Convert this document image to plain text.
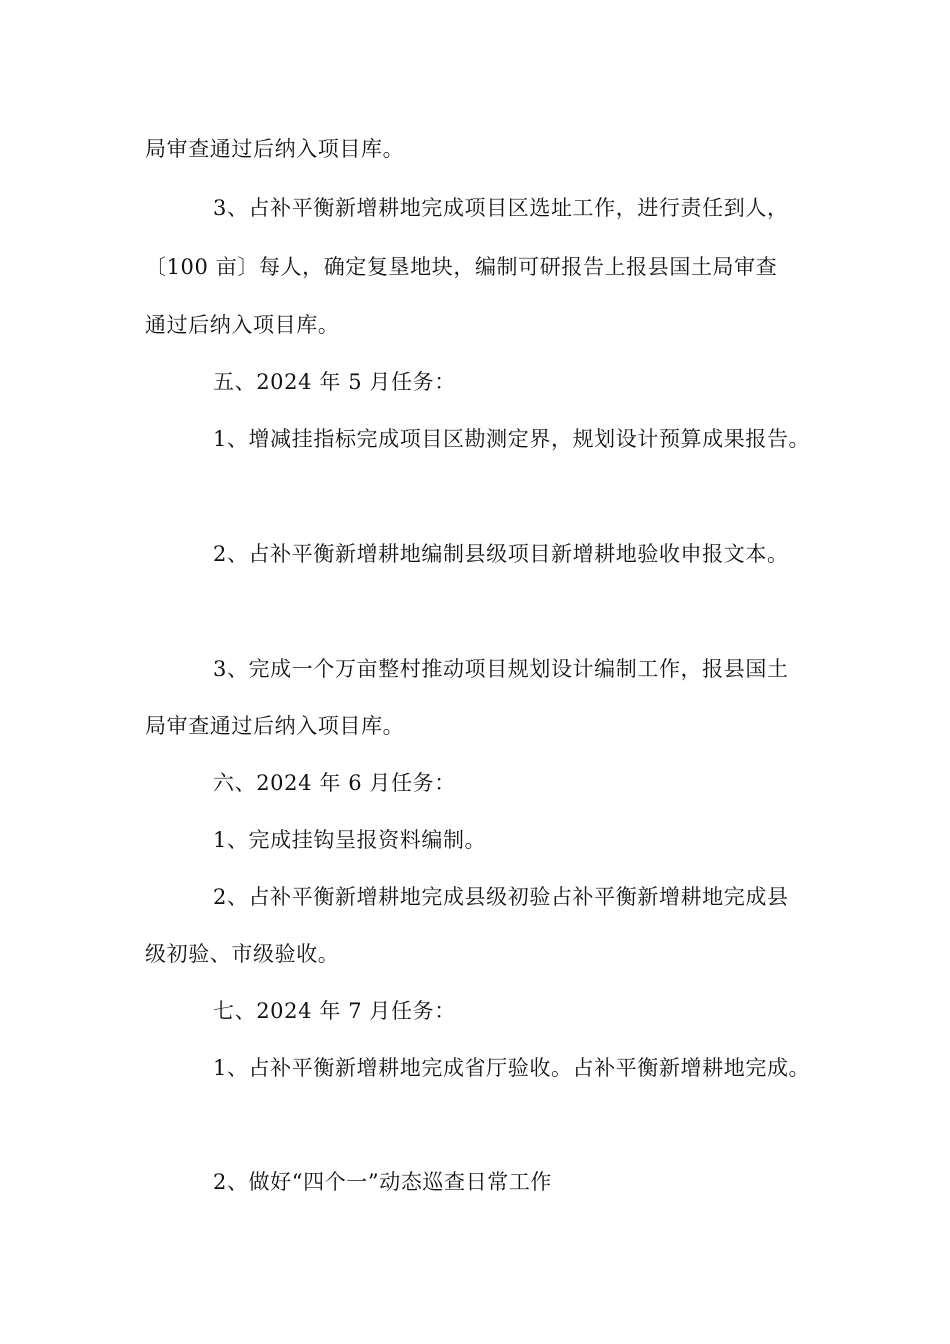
局审查通过后纳入项目库。
3、占补平衡新增耕地完成项目区选址工作，进行责任到人，
〔100 亩〕每人，确定复垦地块，编制可研报告上报县国土局审查
通过后纳入项目库。
五、2024 年 5 月任务：
1、增减挂指标完成项目区勘测定界，规划设计预算成果报告。
2、占补平衡新增耕地编制县级项目新增耕地验收申报文本。
3、完成一个万亩整村推动项目规划设计编制工作，报县国土
局审查通过后纳入项目库。
六、2024 年 6 月任务：
1、完成挂钩呈报资料编制。
2、占补平衡新增耕地完成县级初验占补平衡新增耕地完成县
级初验、市级验收。
七、2024 年 7 月任务：
1、占补平衡新增耕地完成省厅验收。占补平衡新增耕地完成。
2、做好“四个一”动态巡查日常工作
